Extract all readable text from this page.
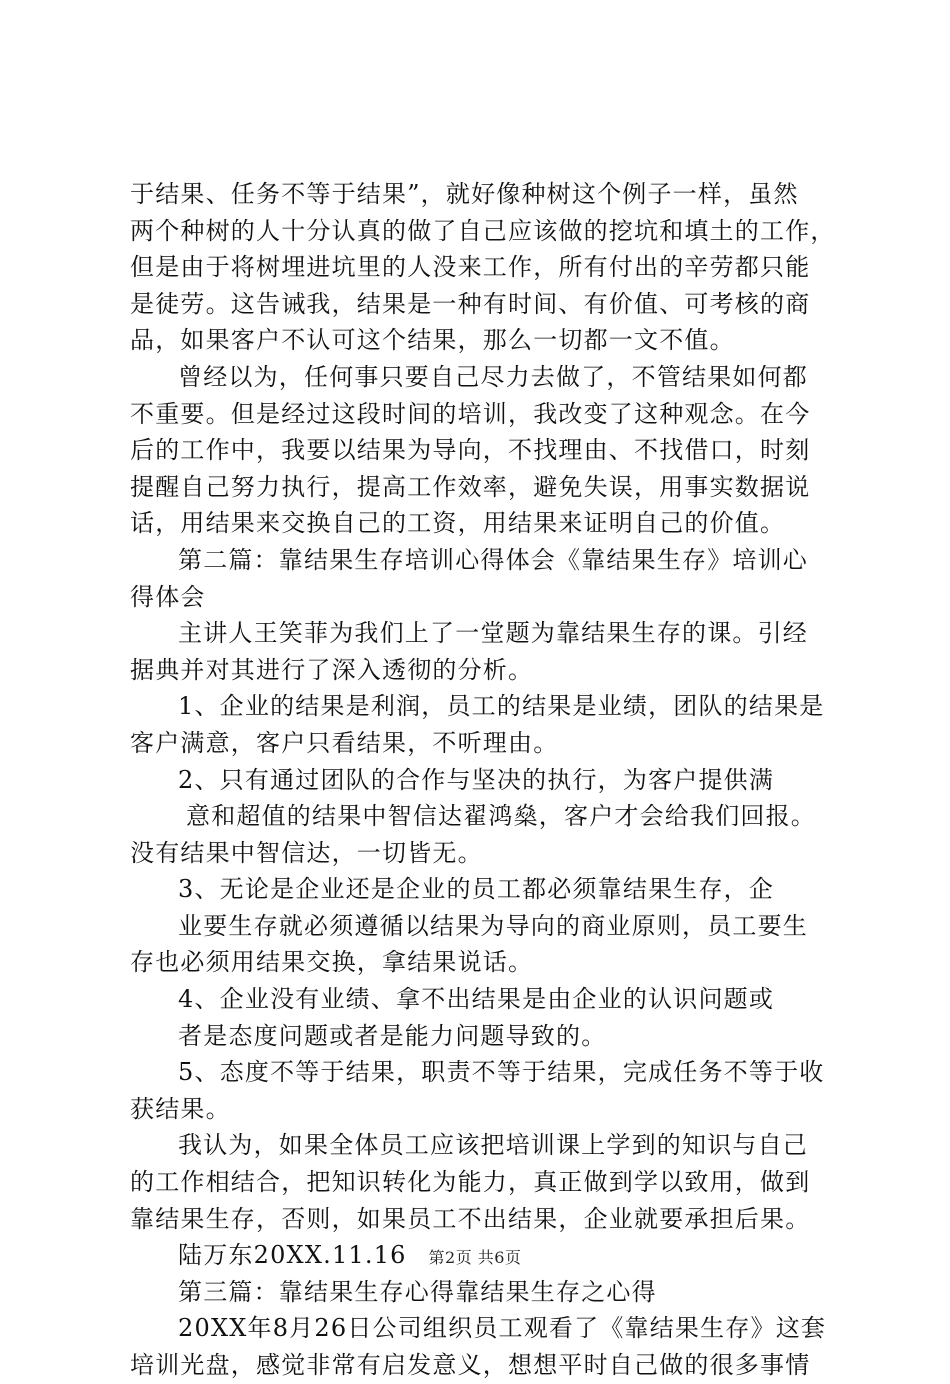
于结果、任务不等于结果”，就好像种树这个例子一样，虽然
两个种树的人十分认真的做了自己应该做的挖坑和填土的工作，
但是由于将树埋进坑里的人没来工作，所有付出的辛劳都只能
是徒劳。这告诫我，结果是一种有时间、有价值、可考核的商
品，如果客户不认可这个结果，那么一切都一文不值。
曾经以为，任何事只要自己尽力去做了，不管结果如何都
不重要。但是经过这段时间的培训，我改变了这种观念。在今
后的工作中，我要以结果为导向，不找理由、不找借口，时刻
提醒自己努力执行，提高工作效率，避免失误，用事实数据说
话，用结果来交换自己的工资，用结果来证明自己的价值。
第二篇：靠结果生存培训心得体会《靠结果生存》培训心
得体会
主讲人王笑菲为我们上了一堂题为靠结果生存的课。引经
据典并对其进行了深入透彻的分析。
1、企业的结果是利润，员工的结果是业绩，团队的结果是
客户满意，客户只看结果，不听理由。
2、只有通过团队的合作与坚决的执行，为客户提供满
意和超值的结果中智信达翟鸿燊，客户才会给我们回报。
没有结果中智信达，一切皆无。
3、无论是企业还是企业的员工都必须靠结果生存，企
业要生存就必须遵循以结果为导向的商业原则，员工要生
存也必须用结果交换，拿结果说话。
4、企业没有业绩、拿不出结果是由企业的认识问题或
者是态度问题或者是能力问题导致的。
5、态度不等于结果，职责不等于结果，完成任务不等于收
获结果。
我认为，如果全体员工应该把培训课上学到的知识与自己
的工作相结合，把知识转化为能力，真正做到学以致用，做到
靠结果生存，否则，如果员工不出结果，企业就要承担后果。
陆万东20XX.11.16
第三篇：靠结果生存心得靠结果生存之心得
20XX年8月26日公司组织员工观看了《靠结果生存》这套
培训光盘，感觉非常有启发意义，想想平时自己做的很多事情
第2页 共6页
